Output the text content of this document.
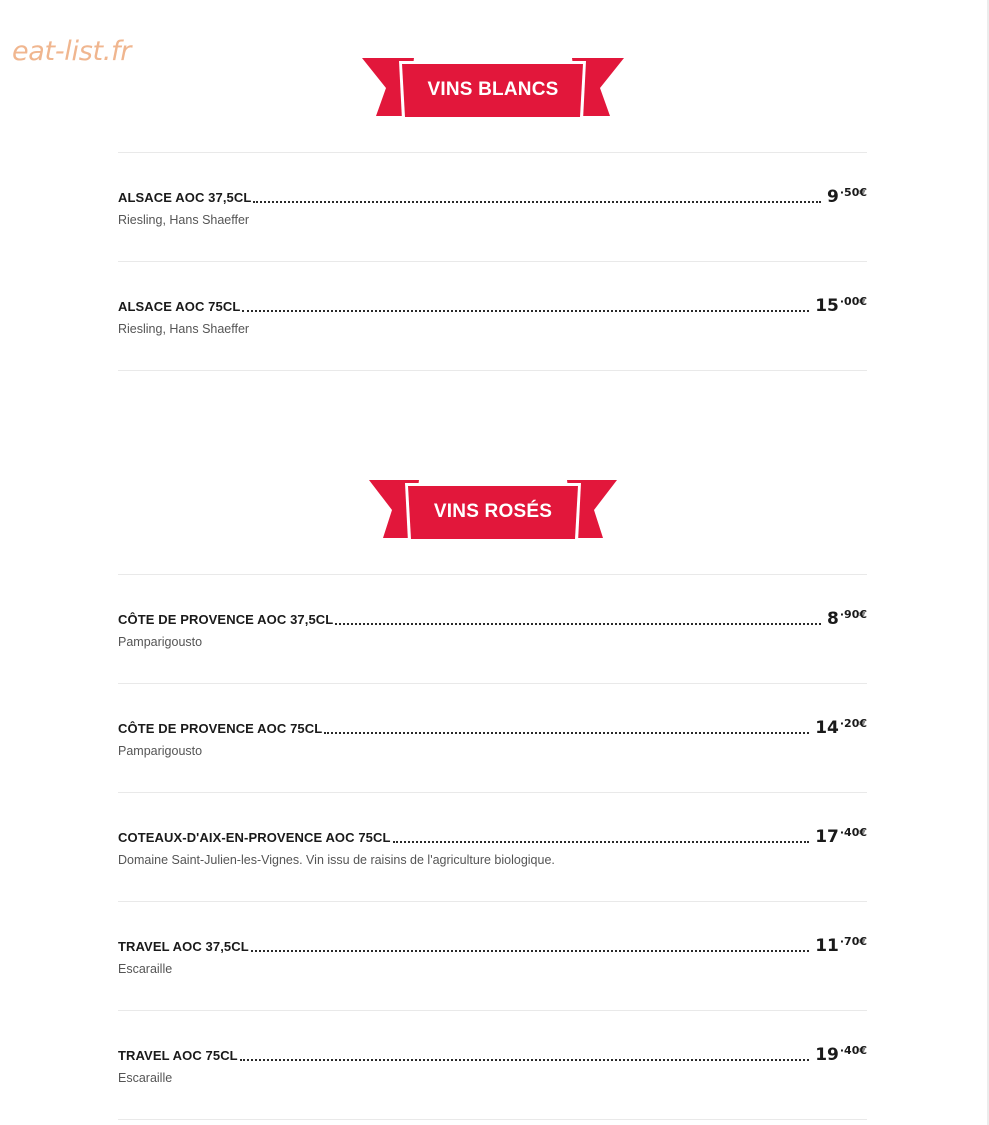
eat-list.fr
VINS BLANCS
ALSACE AOC 37,5CL	$9^{\cdot 50€}$
Riesling, Hans Shaeffer
ALSACE AOC 75CL	$15^{\cdot 00€}$
Riesling, Hans Shaeffer
VINS ROSÉS
CÔTE DE PROVENCE AOC 37,5CL	$8^{\cdot 90€}$
Pamparigousto
CÔTE DE PROVENCE AOC 75CL	$14^{\cdot 20€}$
Pamparigousto
COTEAUX-D'AIX-EN-PROVENCE AOC 75CL	$17^{\cdot 40€}$
Domaine Saint-Julien-les-Vignes. Vin issu de raisins de l'agriculture biologique.
TRAVEL AOC 37,5CL	$11^{\cdot 70€}$
Escaraille
TRAVEL AOC 75CL	$19^{\cdot 40€}$
Escaraille
